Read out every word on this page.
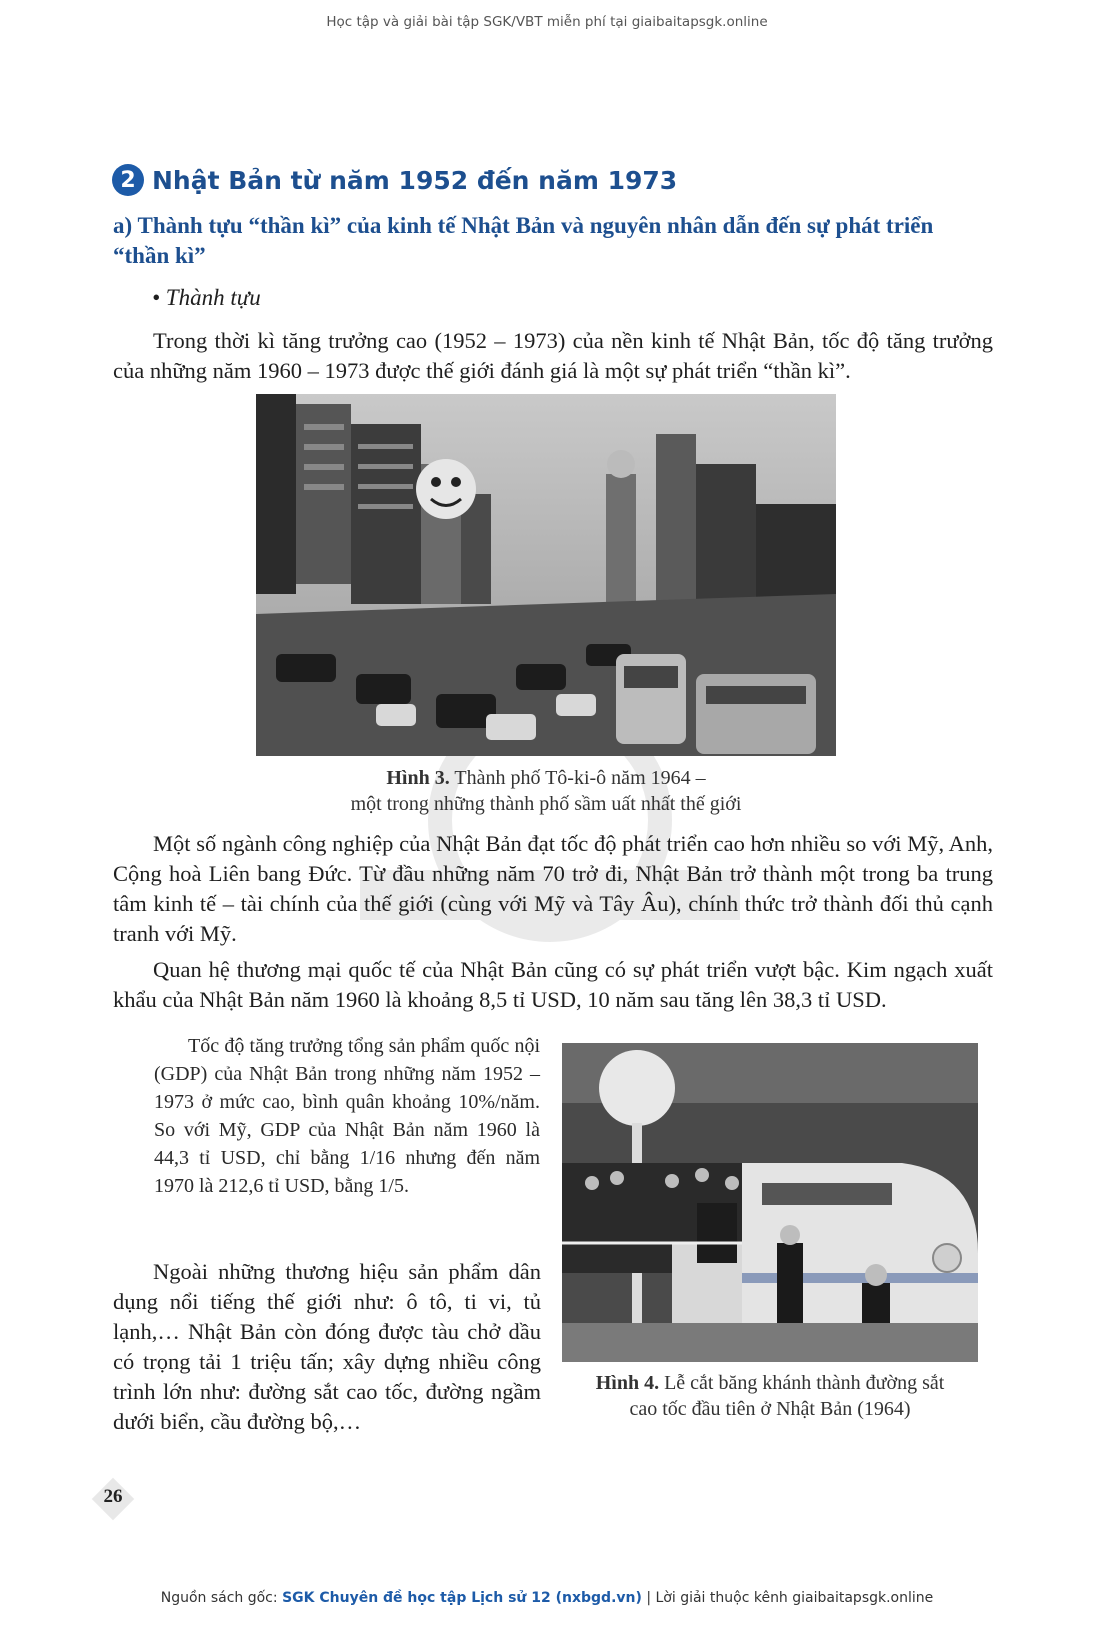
Học tập và giải bài tập SGK/VBT miễn phí tại giaibaitapsgk.online
2 Nhật Bản từ năm 1952 đến năm 1973
a) Thành tựu “thần kì” của kinh tế Nhật Bản và nguyên nhân dẫn đến sự phát triển “thần kì”
• Thành tựu
Trong thời kì tăng trưởng cao (1952 – 1973) của nền kinh tế Nhật Bản, tốc độ tăng trưởng của những năm 1960 – 1973 được thế giới đánh giá là một sự phát triển “thần kì”.
Hình 3. Thành phố Tô-ki-ô năm 1964 –
một trong những thành phố sầm uất nhất thế giới
Một số ngành công nghiệp của Nhật Bản đạt tốc độ phát triển cao hơn nhiều so với Mỹ, Anh, Cộng hoà Liên bang Đức. Từ đầu những năm 70 trở đi, Nhật Bản trở thành một trong ba trung tâm kinh tế – tài chính của thế giới (cùng với Mỹ và Tây Âu), chính thức trở thành đối thủ cạnh tranh với Mỹ.
Quan hệ thương mại quốc tế của Nhật Bản cũng có sự phát triển vượt bậc. Kim ngạch xuất khẩu của Nhật Bản năm 1960 là khoảng 8,5 tỉ USD, 10 năm sau tăng lên 38,3 tỉ USD.
Tốc độ tăng trưởng tổng sản phẩm quốc nội (GDP) của Nhật Bản trong những năm 1952 – 1973 ở mức cao, bình quân khoảng 10%/năm. So với Mỹ, GDP của Nhật Bản năm 1960 là 44,3 tỉ USD, chỉ bằng 1/16 nhưng đến năm 1970 là 212,6 tỉ USD, bằng 1/5.
Hình 4. Lễ cắt băng khánh thành đường sắt
cao tốc đầu tiên ở Nhật Bản (1964)
Ngoài những thương hiệu sản phẩm dân dụng nổi tiếng thế giới như: ô tô, ti vi, tủ lạnh,… Nhật Bản còn đóng được tàu chở dầu có trọng tải 1 triệu tấn; xây dựng nhiều công trình lớn như: đường sắt cao tốc, đường ngầm dưới biển, cầu đường bộ,…
26
Nguồn sách gốc: SGK Chuyên đề học tập Lịch sử 12 (nxbgd.vn) | Lời giải thuộc kênh giaibaitapsgk.online
